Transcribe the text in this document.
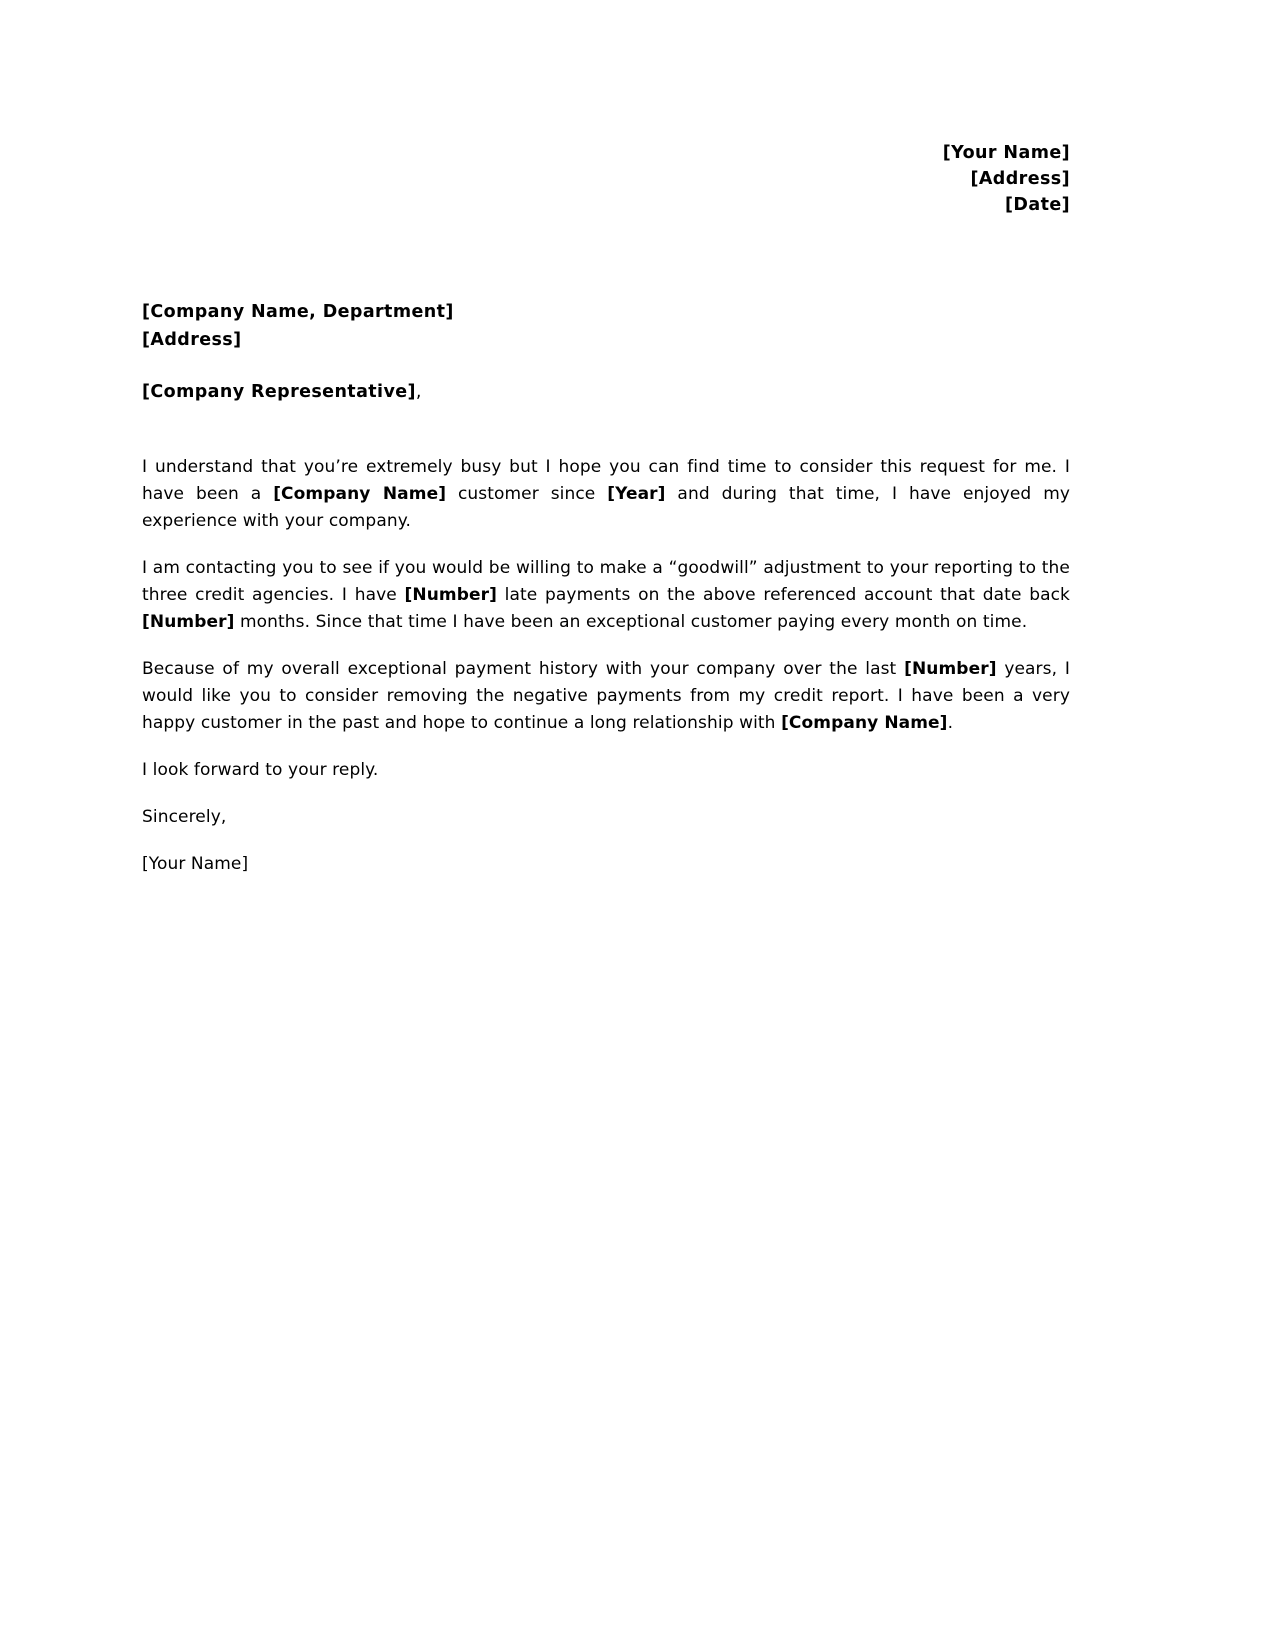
[Your Name]
[Address]
[Date]
[Company Name, Department]
[Address]
[Company Representative],

I understand that you’re extremely busy but I hope you can find time to consider this request for me. I have been a [Company Name] customer since [Year] and during that time, I have enjoyed my experience with your company.

I am contacting you to see if you would be willing to make a “goodwill” adjustment to your reporting to the three credit agencies. I have [Number] late payments on the above referenced account that date back [Number] months. Since that time I have been an exceptional customer paying every month on time.

Because of my overall exceptional payment history with your company over the last [Number] years, I would like you to consider removing the negative payments from my credit report. I have been a very happy customer in the past and hope to continue a long relationship with [Company Name].

I look forward to your reply.

Sincerely,

[Your Name]
